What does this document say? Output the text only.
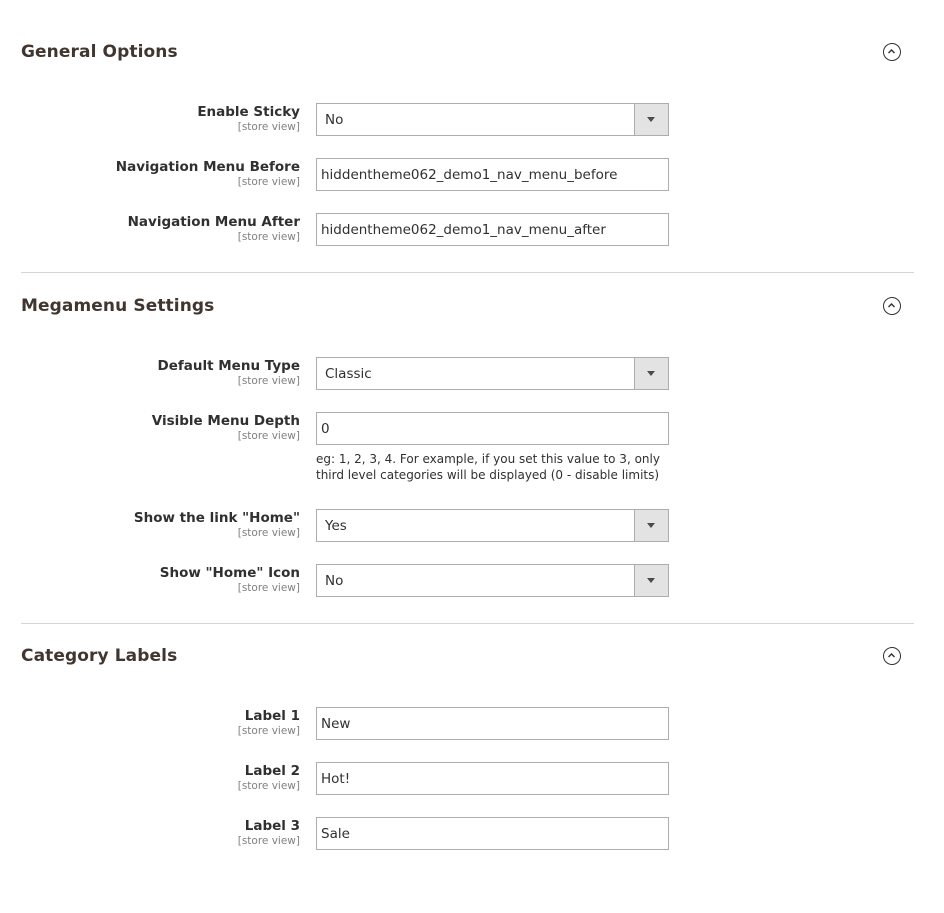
General Options
Enable Sticky
[store view] No
Navigation Menu Before
[store view] hiddentheme062_demo1_nav_menu_before
Navigation Menu After
[store view] hiddentheme062_demo1_nav_menu_after
Megamenu Settings
Default Menu Type
[store view] Classic
Visible Menu Depth
[store view] 0
eg: 1, 2, 3, 4. For example, if you set this value to 3, only third level categories will be displayed (0 - disable limits)
Show the link "Home"
[store view] Yes
Show "Home" Icon
[store view] No
Category Labels
Label 1
[store view] New
Label 2
[store view] Hot!
Label 3
[store view] Sale
